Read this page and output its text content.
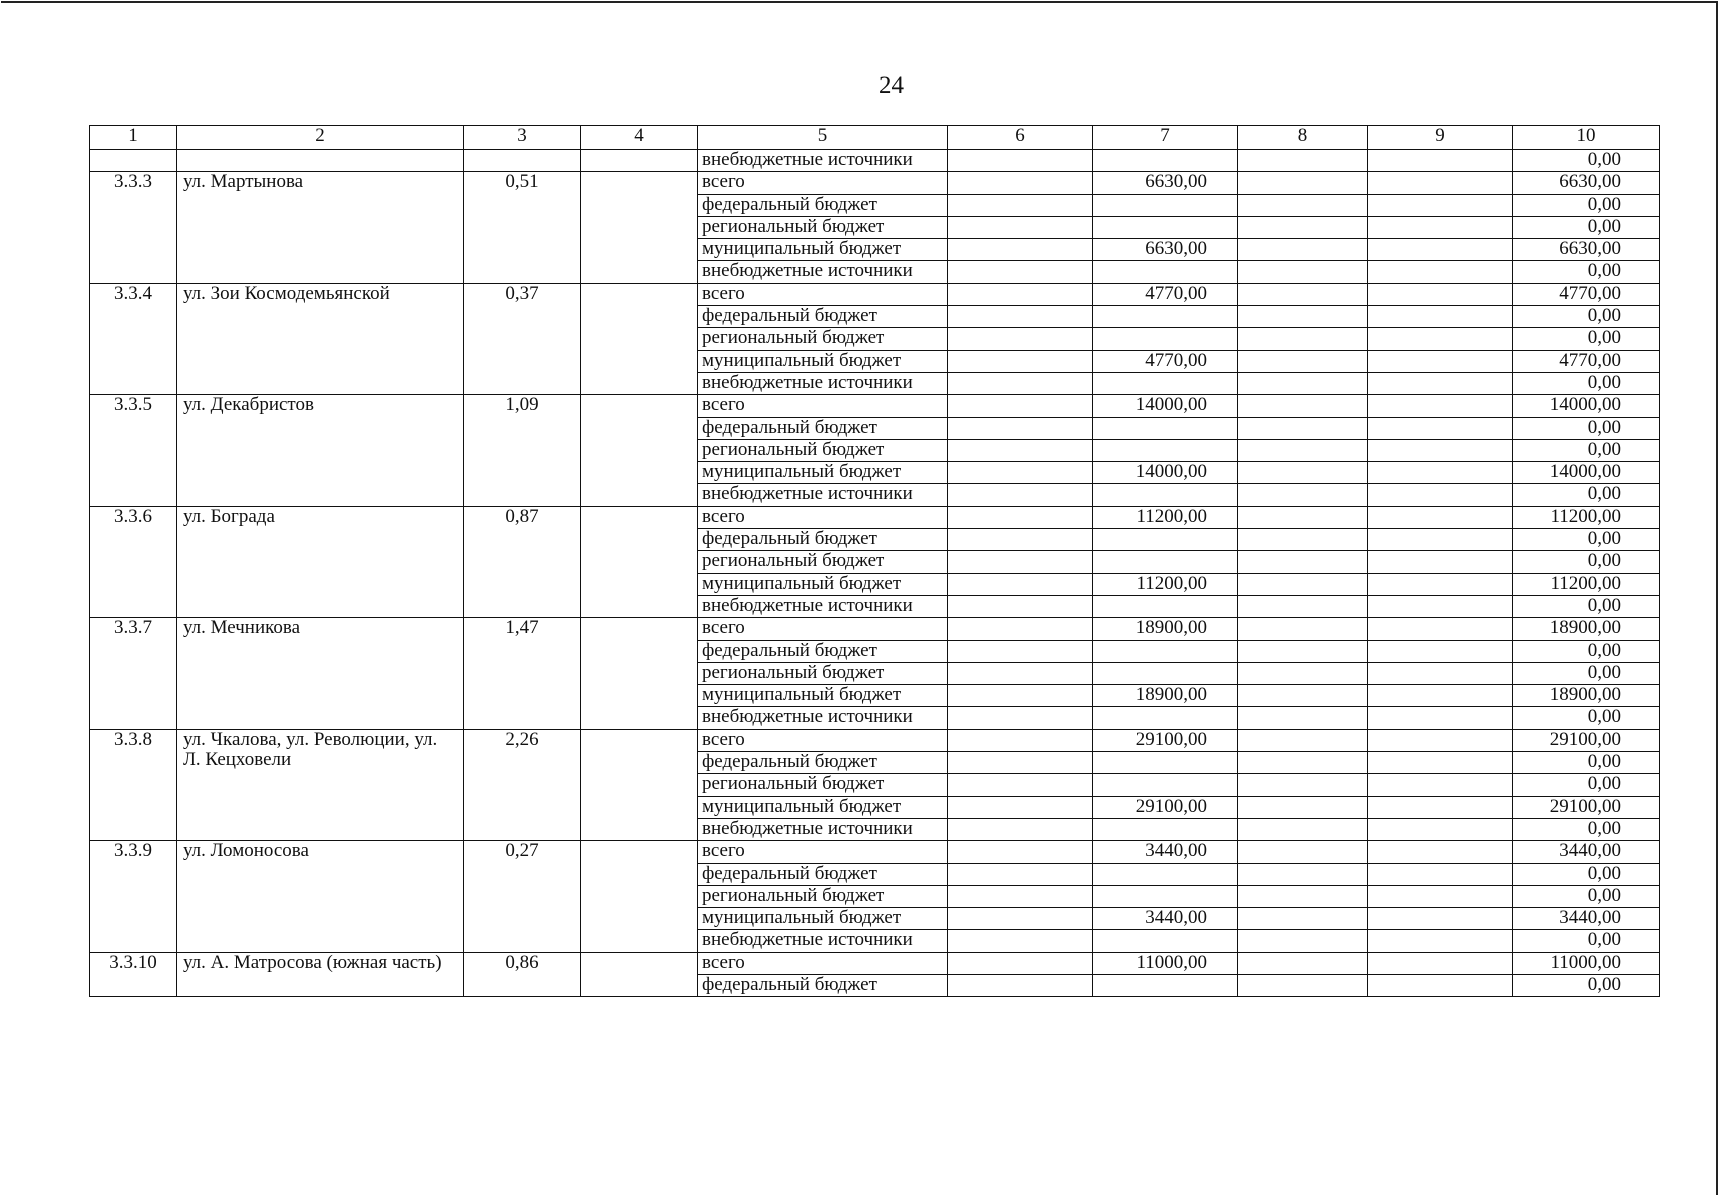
24
1	2	3	4	5	6	7	8	9	10
				внебюджетные источники					0,00
3.3.3	ул. Мартынова	0,51		всего		6630,00			6630,00
				федеральный бюджет					0,00
				региональный бюджет					0,00
				муниципальный бюджет		6630,00			6630,00
				внебюджетные источники					0,00
3.3.4	ул. Зои Космодемьянской	0,37		всего		4770,00			4770,00
				федеральный бюджет					0,00
				региональный бюджет					0,00
				муниципальный бюджет		4770,00			4770,00
				внебюджетные источники					0,00
3.3.5	ул. Декабристов	1,09		всего		14000,00			14000,00
				федеральный бюджет					0,00
				региональный бюджет					0,00
				муниципальный бюджет		14000,00			14000,00
				внебюджетные источники					0,00
3.3.6	ул. Бограда	0,87		всего		11200,00			11200,00
				федеральный бюджет					0,00
				региональный бюджет					0,00
				муниципальный бюджет		11200,00			11200,00
				внебюджетные источники					0,00
3.3.7	ул. Мечникова	1,47		всего		18900,00			18900,00
				федеральный бюджет					0,00
				региональный бюджет					0,00
				муниципальный бюджет		18900,00			18900,00
				внебюджетные источники					0,00
3.3.8	ул. Чкалова, ул. Революции, ул. Л. Кецховели	2,26		всего		29100,00			29100,00
				федеральный бюджет					0,00
				региональный бюджет					0,00
				муниципальный бюджет		29100,00			29100,00
				внебюджетные источники					0,00
3.3.9	ул. Ломоносова	0,27		всего		3440,00			3440,00
				федеральный бюджет					0,00
				региональный бюджет					0,00
				муниципальный бюджет		3440,00			3440,00
				внебюджетные источники					0,00
3.3.10	ул. А. Матросова (южная часть)	0,86		всего		11000,00			11000,00
				федеральный бюджет					0,00
